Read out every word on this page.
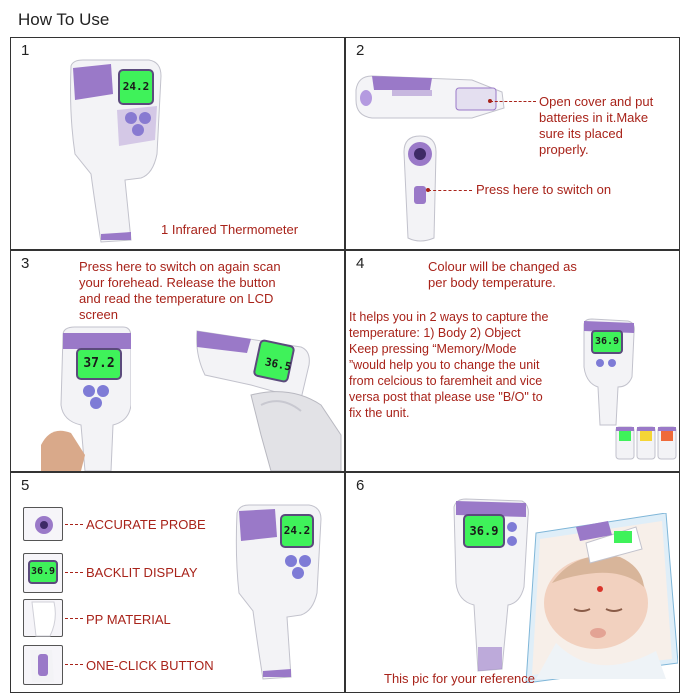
How To Use
1
24.2
1 Infrared Thermometer
2
Open cover and put batteries in it.Make sure its placed properly.
Press here to switch on
3	Press here to switch on again scan your forehead. Release the button and read the temperature on LCD screen
37.2	36.5
4	Colour will be changed as per body temperature.
It helps you in 2 ways to capture the temperature: 1) Body 2) Object Keep pressing “Memory/Mode ”would help you to change the unit from celcious to faremheit and vice versa post that please use "B/O" to fix the unit.
36.9
5
ACCURATE PROBE
36.9 BACKLIT DISPLAY
PP MATERIAL
ONE-CLICK BUTTON
24.2
6
36.9
This pic for your reference
